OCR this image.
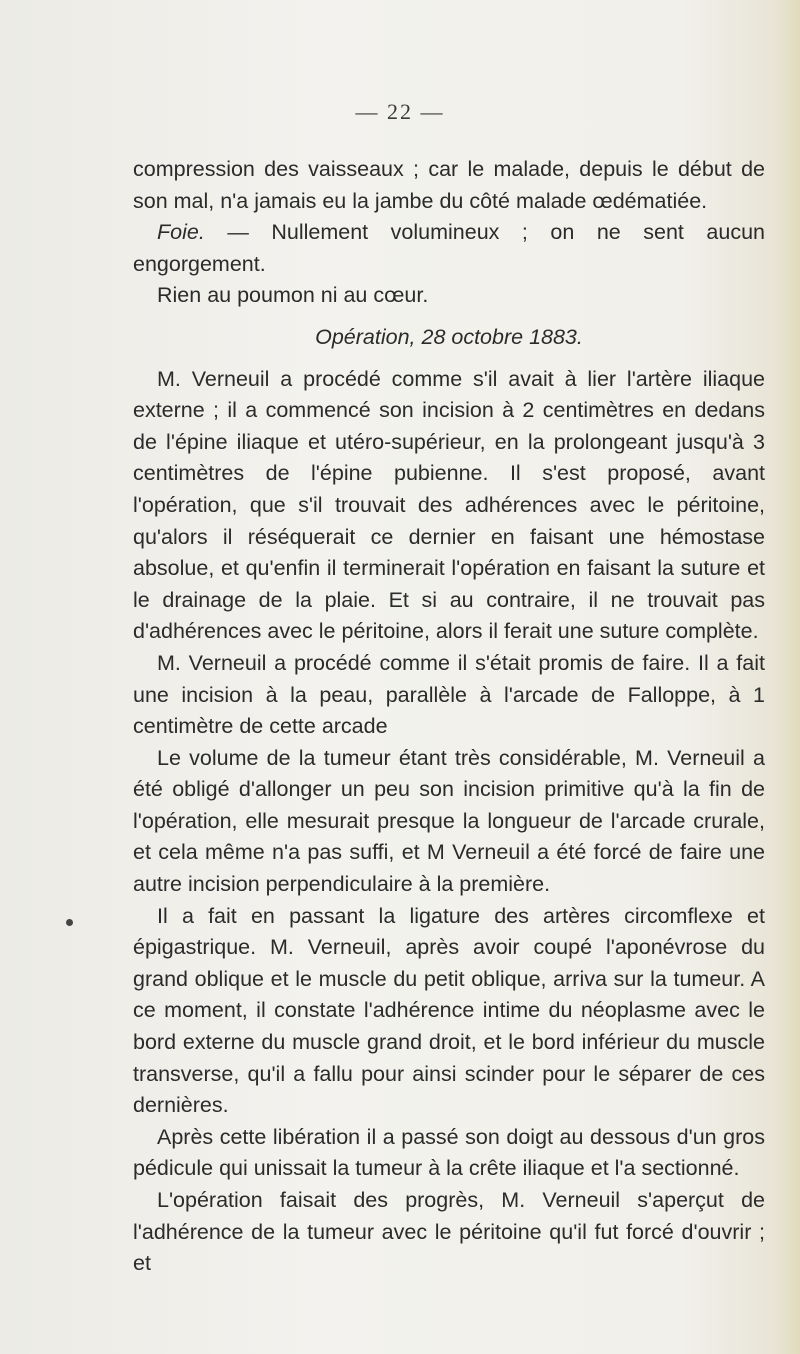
— 22 —

compression des vaisseaux ; car le malade, depuis le début de son mal, n'a jamais eu la jambe du côté malade œdématiée.

Foie. — Nullement volumineux ; on ne sent aucun engorgement.

Rien au poumon ni au cœur.

Opération, 28 octobre 1883.

M. Verneuil a procédé comme s'il avait à lier l'artère iliaque externe ; il a commencé son incision à 2 centimètres en dedans de l'épine iliaque et utéro-supérieur, en la prolongeant jusqu'à 3 centimètres de l'épine pubienne. Il s'est proposé, avant l'opération, que s'il trouvait des adhérences avec le péritoine, qu'alors il réséquerait ce dernier en faisant une hémostase absolue, et qu'enfin il terminerait l'opération en faisant la suture et le drainage de la plaie. Et si au contraire, il ne trouvait pas d'adhérences avec le péritoine, alors il ferait une suture complète.

M. Verneuil a procédé comme il s'était promis de faire. Il a fait une incision à la peau, parallèle à l'arcade de Falloppe, à 1 centimètre de cette arcade

Le volume de la tumeur étant très considérable, M. Verneuil a été obligé d'allonger un peu son incision primitive qu'à la fin de l'opération, elle mesurait presque la longueur de l'arcade crurale, et cela même n'a pas suffi, et M Verneuil a été forcé de faire une autre incision perpendiculaire à la première.

Il a fait en passant la ligature des artères circomflexe et épigastrique. M. Verneuil, après avoir coupé l'aponévrose du grand oblique et le muscle du petit oblique, arriva sur la tumeur. A ce moment, il constate l'adhérence intime du néoplasme avec le bord externe du muscle grand droit, et le bord inférieur du muscle transverse, qu'il a fallu pour ainsi scinder pour le séparer de ces dernières.

Après cette libération il a passé son doigt au dessous d'un gros pédicule qui unissait la tumeur à la crête iliaque et l'a sectionné.

L'opération faisait des progrès, M. Verneuil s'aperçut de l'adhérence de la tumeur avec le péritoine qu'il fut forcé d'ouvrir ; et
